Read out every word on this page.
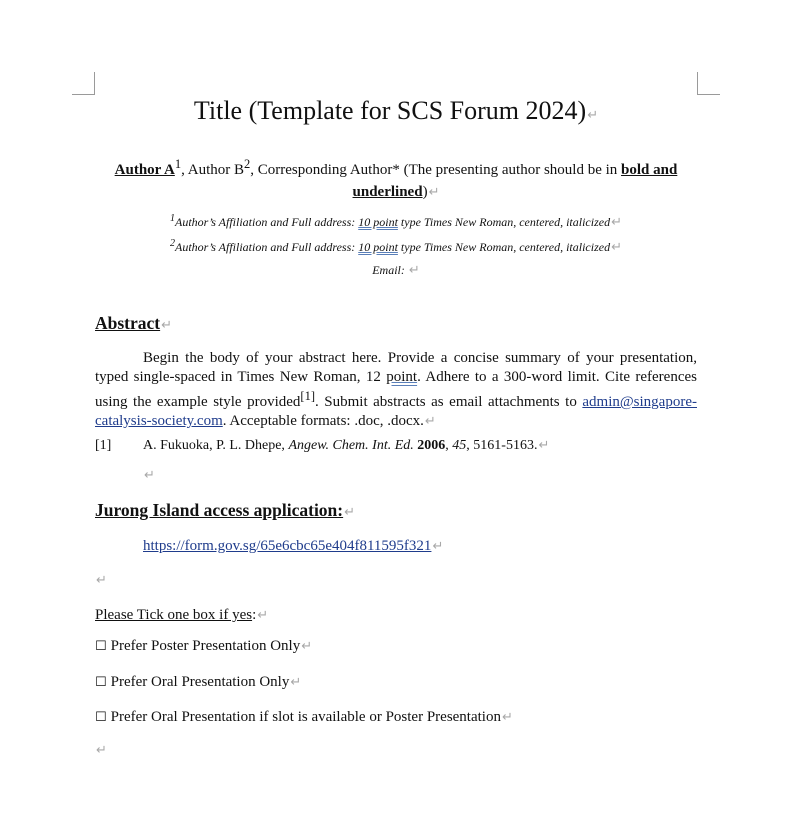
Title (Template for SCS Forum 2024)↵
Author $A^1$, Author $B^2$, Corresponding Author* (The presenting author should be in bold and underlined)↵
$^1$Author’s Affiliation and Full address: 10 point type Times New Roman, centered, italicized↵
$^2$Author’s Affiliation and Full address: 10 point type Times New Roman, centered, italicized↵
Email: ↵
Abstract↵
Begin the body of your abstract here. Provide a concise summary of your presentation, typed single-spaced in Times New Roman, 12 point. Adhere to a 300-word limit. Cite references using the example style provided[1]. Submit abstracts as email attachments to admin@singapore-catalysis-society.com. Acceptable formats: .doc, .docx.↵
[1]	A. Fukuoka, P. L. Dhepe, Angew. Chem. Int. Ed. 2006, 45, 5161-5163.↵
↵
Jurong Island access application:↵
https://form.gov.sg/65e6cbc65e404f811595f321↵
↵
Please Tick one box if yes:↵
☐ Prefer Poster Presentation Only↵
☐ Prefer Oral Presentation Only↵
☐ Prefer Oral Presentation if slot is available or Poster Presentation↵
↵
